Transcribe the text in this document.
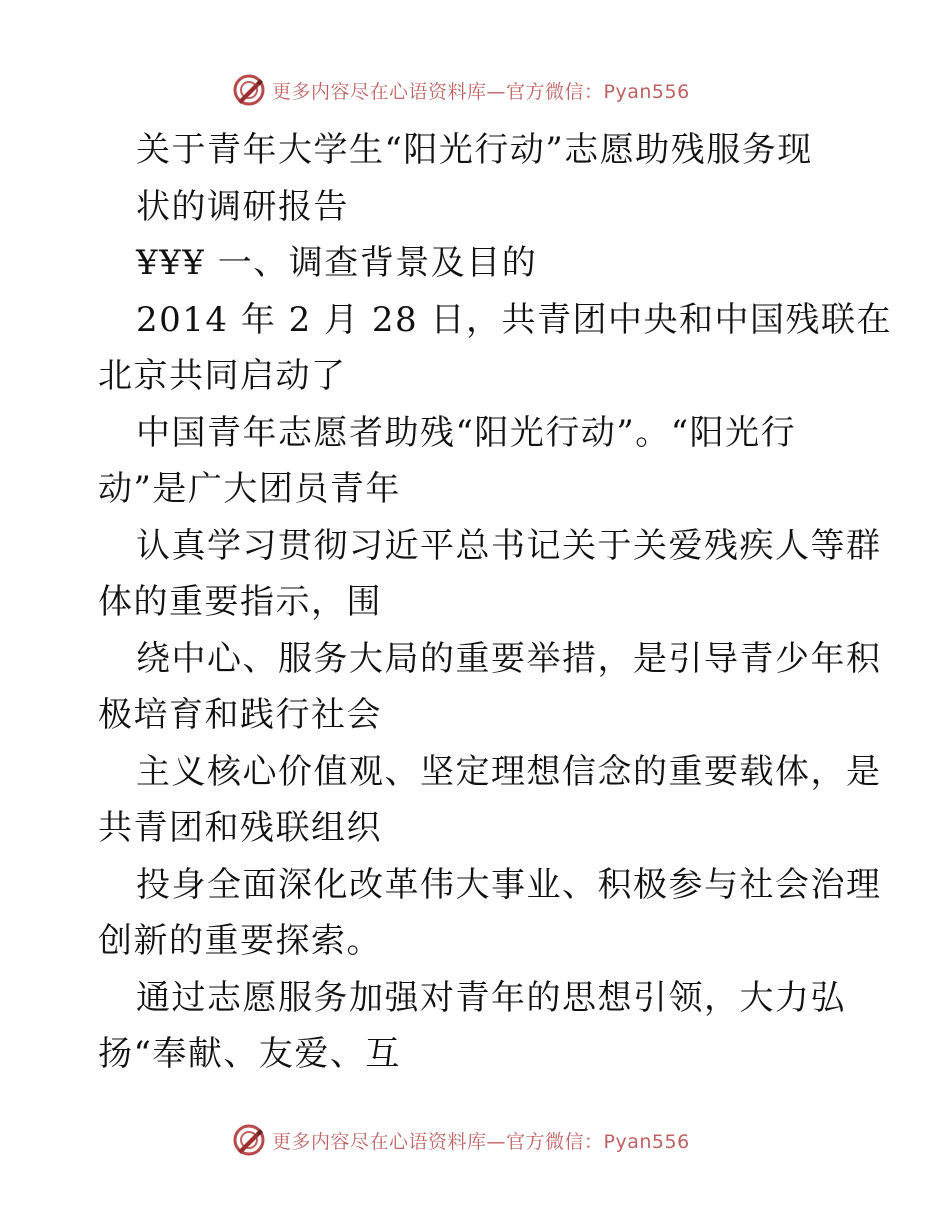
更多内容尽在心语资料库—官方微信：Pyan556
关于青年大学生“阳光行动”志愿助残服务现
状的调研报告
¥¥¥ 一、调查背景及目的
2014 年 2 月 28 日，共青团中央和中国残联在
北京共同启动了
中国青年志愿者助残“阳光行动”。“阳光行
动”是广大团员青年
认真学习贯彻习近平总书记关于关爱残疾人等群
体的重要指示，围
绕中心、服务大局的重要举措，是引导青少年积
极培育和践行社会
主义核心价值观、坚定理想信念的重要载体，是
共青团和残联组织
投身全面深化改革伟大事业、积极参与社会治理
创新的重要探索。
通过志愿服务加强对青年的思想引领，大力弘
扬“奉献、友爱、互
更多内容尽在心语资料库—官方微信：Pyan556
